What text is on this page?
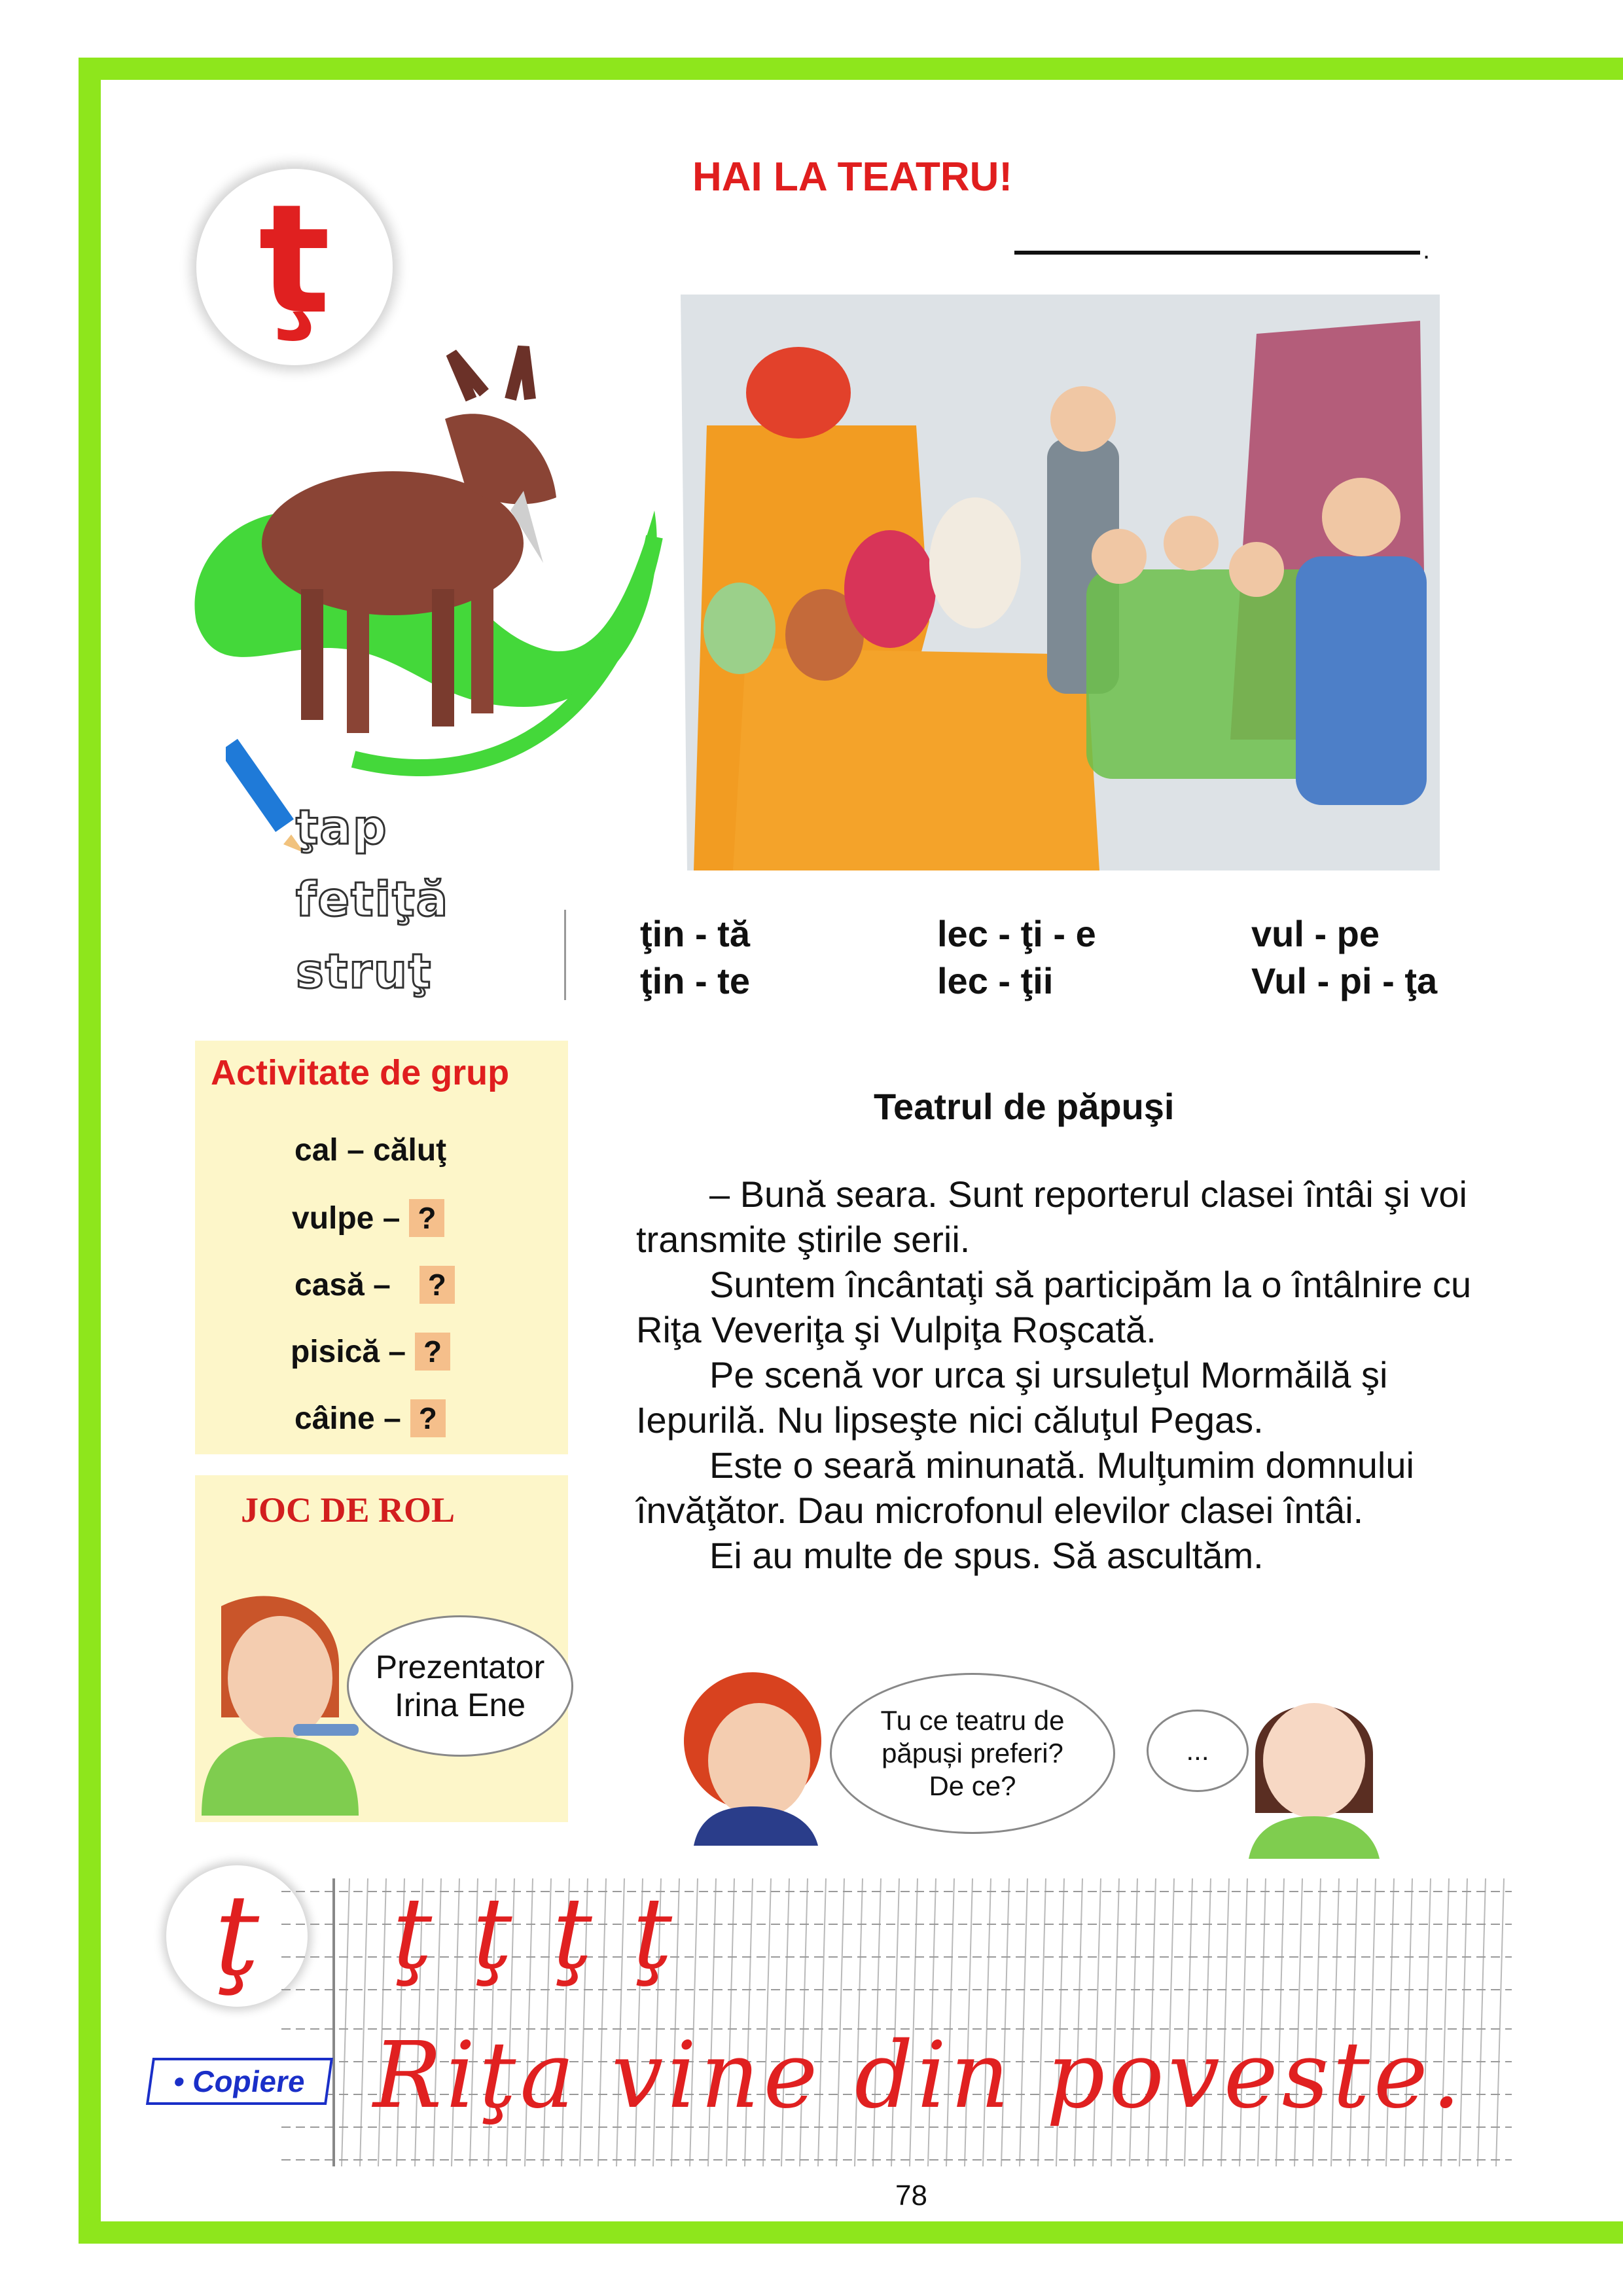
ţ	HAI LA TEATRU!
.
ţap
fetiţă
struţ
ţin - tă
ţin - te
lec - ţi - e
lec - ţii
vul - pe
Vul - pi - ţa
Activitate de grup
cal – căluţ
vulpe – ?
casă – ?
pisică – ?
câine – ?
JOC DE ROL
Prezentator
Irina Ene
Teatrul de păpuşi

– Bună seara. Sunt reporterul clasei întâi şi voi transmite ştirile serii.

Suntem încântaţi să participăm la o întâlnire cu Riţa Veveriţa şi Vulpiţa Roşcată.

Pe scenă vor urca şi ursuleţul Mormăilă şi Iepurilă. Nu lipseşte nici căluţul Pegas.

Este o seară minunată. Mulţumim domnului învăţător. Dau microfonul elevilor clasei întâi.

Ei au multe de spus. Să ascultăm.

Tu ce teatru de
păpuși preferi?
De ce?
...
ţ ţţţţ
• Copiere Riţa vine din poveste.
78
